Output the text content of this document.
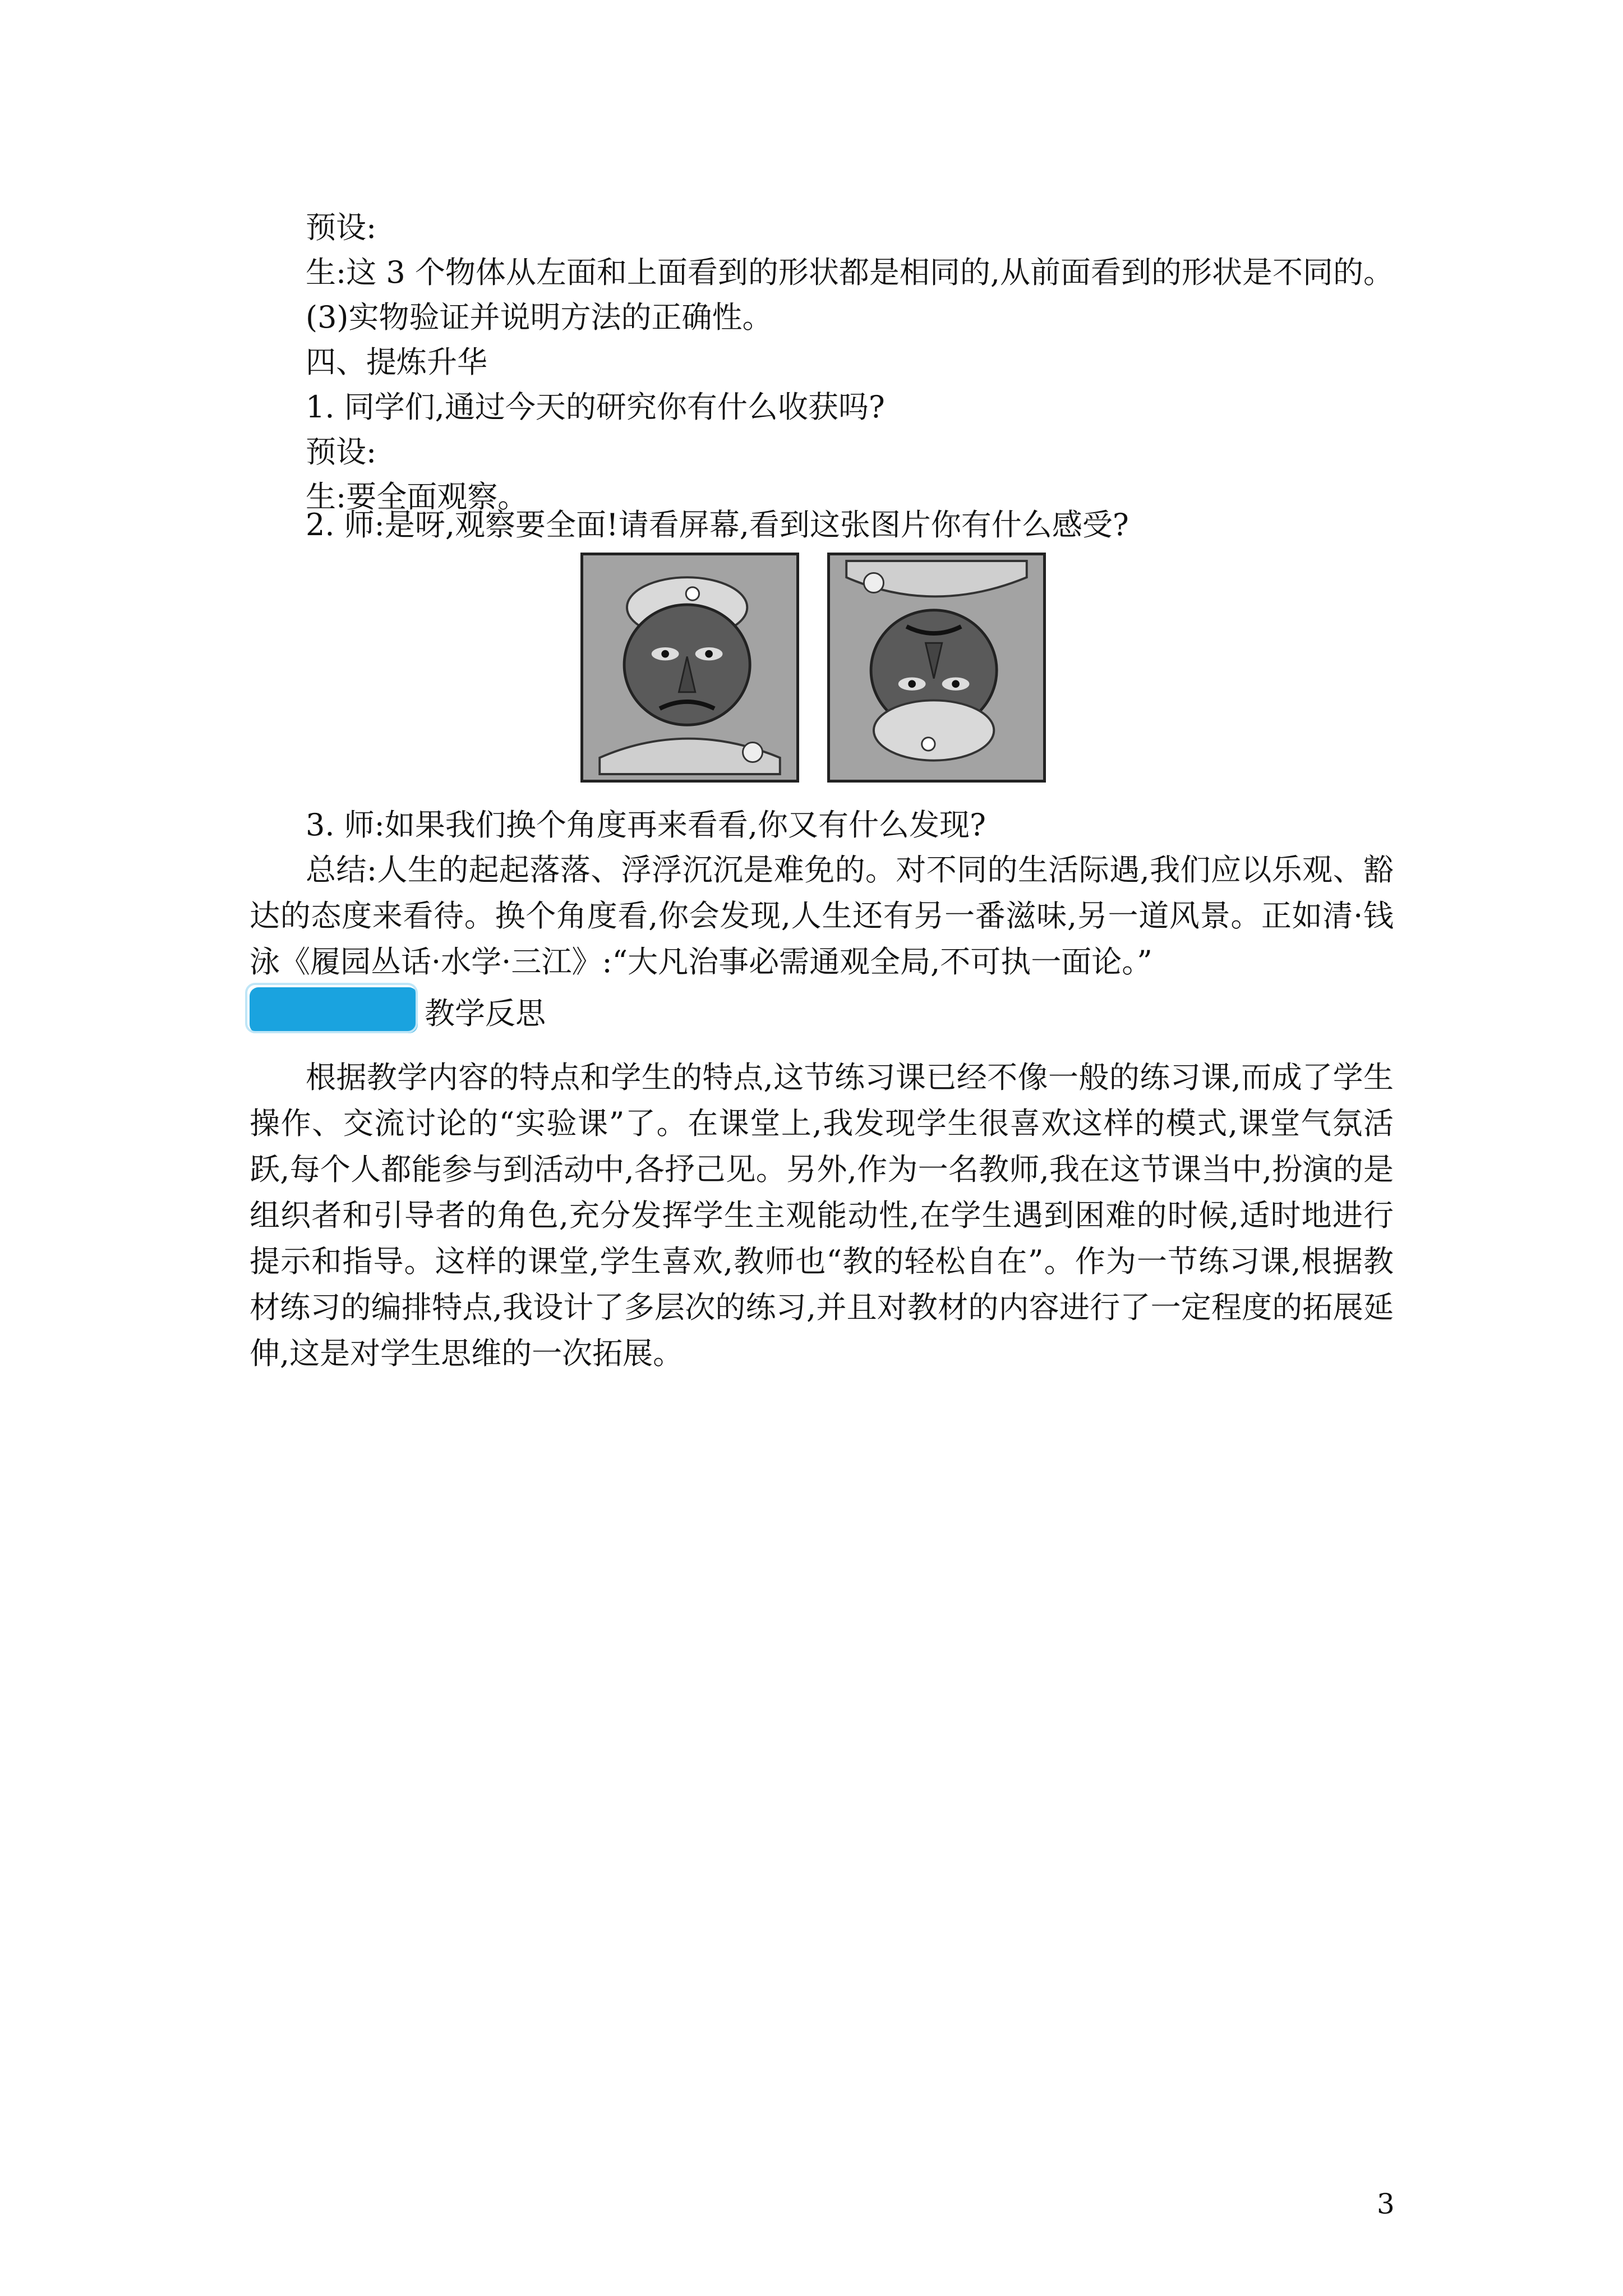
预设:
生:这 3 个物体从左面和上面看到的形状都是相同的,从前面看到的形状是不同的。
(3)实物验证并说明方法的正确性。
四、提炼升华
1. 同学们,通过今天的研究你有什么收获吗?
预设:
生:要全面观察。
2. 师:是呀,观察要全面!请看屏幕,看到这张图片你有什么感受?
3. 师:如果我们换个角度再来看看,你又有什么发现?
总结:人生的起起落落、浮浮沉沉是难免的。对不同的生活际遇,我们应以乐观、豁达的态度来看待。换个角度看,你会发现,人生还有另一番滋味,另一道风景。正如清·钱泳《履园丛话·水学·三江》:“大凡治事必需通观全局,不可执一面论。”
教学反思
根据教学内容的特点和学生的特点,这节练习课已经不像一般的练习课,而成了学生操作、交流讨论的“实验课”了。在课堂上,我发现学生很喜欢这样的模式,课堂气氛活跃,每个人都能参与到活动中,各抒己见。另外,作为一名教师,我在这节课当中,扮演的是组织者和引导者的角色,充分发挥学生主观能动性,在学生遇到困难的时候,适时地进行提示和指导。这样的课堂,学生喜欢,教师也“教的轻松自在”。作为一节练习课,根据教材练习的编排特点,我设计了多层次的练习,并且对教材的内容进行了一定程度的拓展延伸,这是对学生思维的一次拓展。
3
